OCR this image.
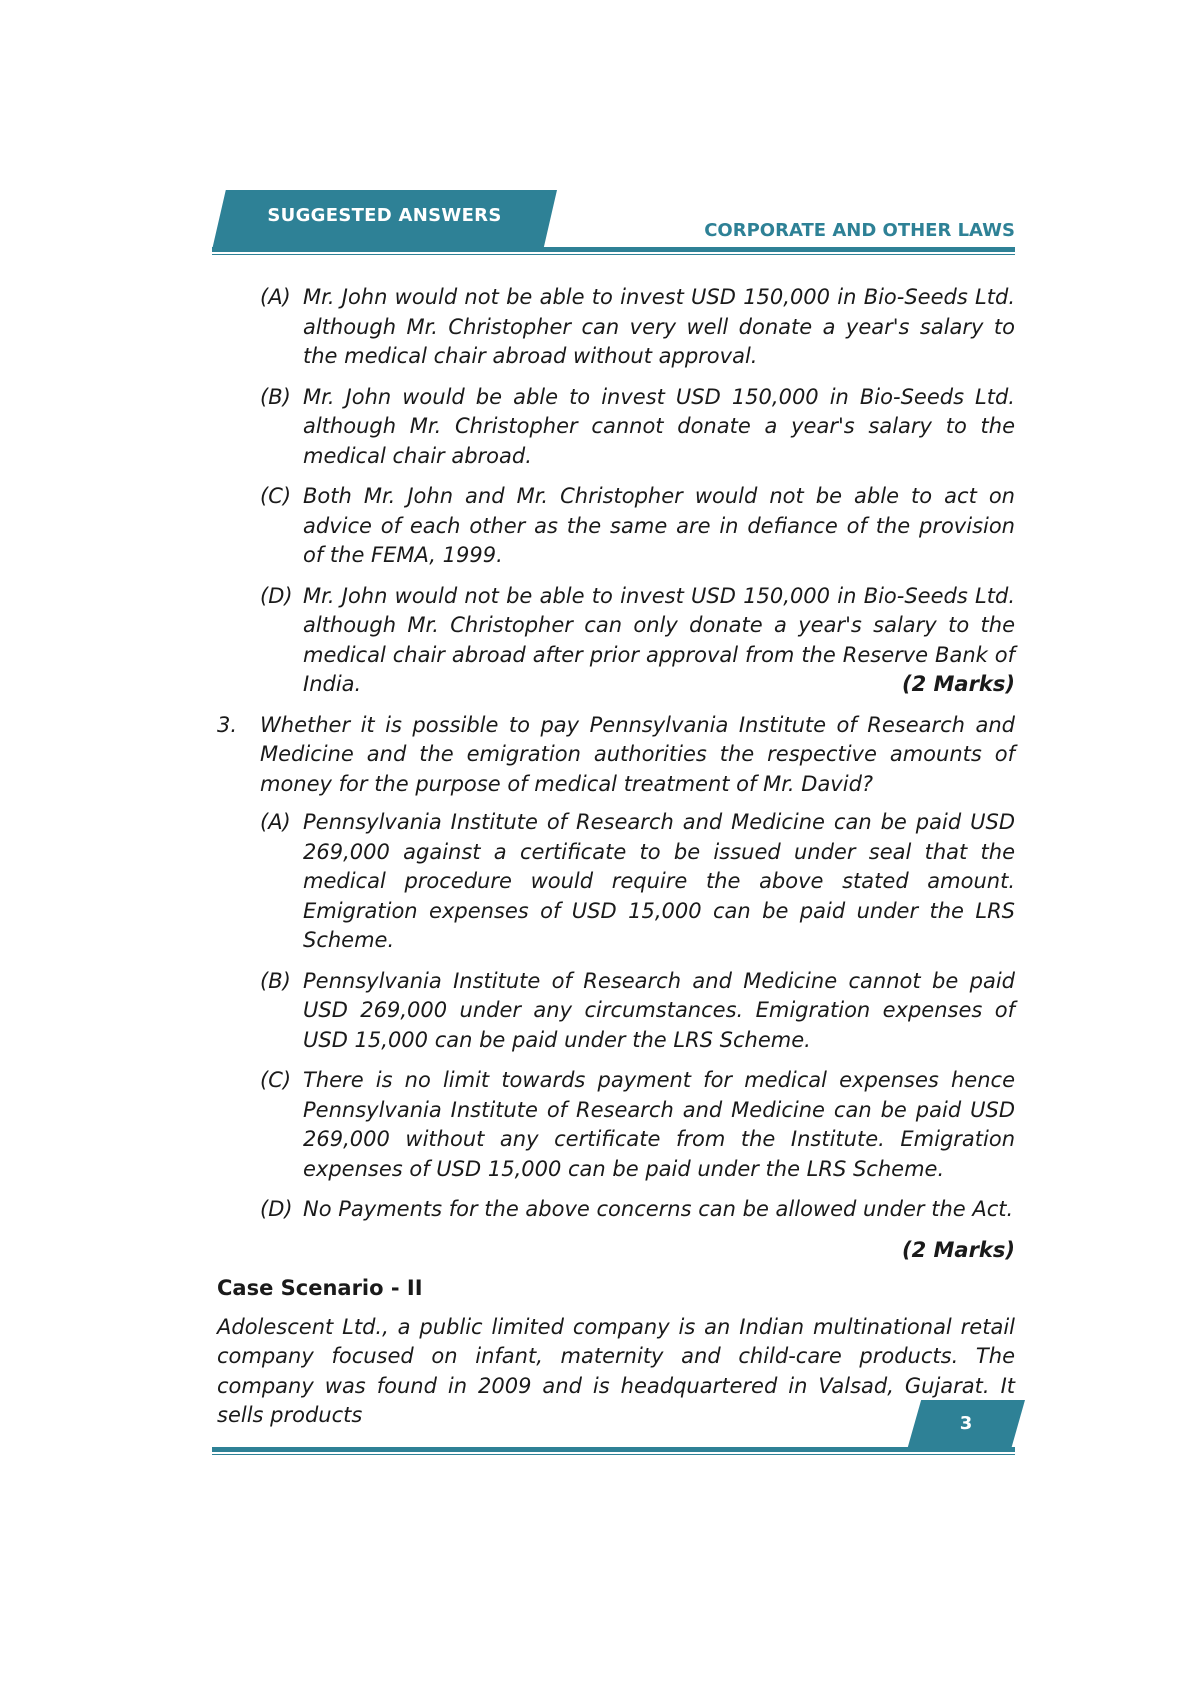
SUGGESTED ANSWERS
CORPORATE AND OTHER LAWS
(A) Mr. John would not be able to invest USD 150,000 in Bio-Seeds Ltd. although Mr. Christopher can very well donate a year's salary to the medical chair abroad without approval.
(B) Mr. John would be able to invest USD 150,000 in Bio-Seeds Ltd. although Mr. Christopher cannot donate a year's salary to the medical chair abroad.
(C) Both Mr. John and Mr. Christopher would not be able to act on advice of each other as the same are in defiance of the provision of the FEMA, 1999.
(D) Mr. John would not be able to invest USD 150,000 in Bio-Seeds Ltd. although Mr. Christopher can only donate a year's salary to the medical chair abroad after prior approval from the Reserve Bank of India.	(2 Marks)
3.	Whether it is possible to pay Pennsylvania Institute of Research and Medicine and the emigration authorities the respective amounts of money for the purpose of medical treatment of Mr. David?
(A) Pennsylvania Institute of Research and Medicine can be paid USD 269,000 against a certificate to be issued under seal that the medical procedure would require the above stated amount. Emigration expenses of USD 15,000 can be paid under the LRS Scheme.
(B) Pennsylvania Institute of Research and Medicine cannot be paid USD 269,000 under any circumstances. Emigration expenses of USD 15,000 can be paid under the LRS Scheme.
(C) There is no limit towards payment for medical expenses hence Pennsylvania Institute of Research and Medicine can be paid USD 269,000 without any certificate from the Institute. Emigration expenses of USD 15,000 can be paid under the LRS Scheme.
(D) No Payments for the above concerns can be allowed under the Act.
(2 Marks)
Case Scenario - II
Adolescent Ltd., a public limited company is an Indian multinational retail company focused on infant, maternity and child-care products. The company was found in 2009 and is headquartered in Valsad, Gujarat. It sells products	3
